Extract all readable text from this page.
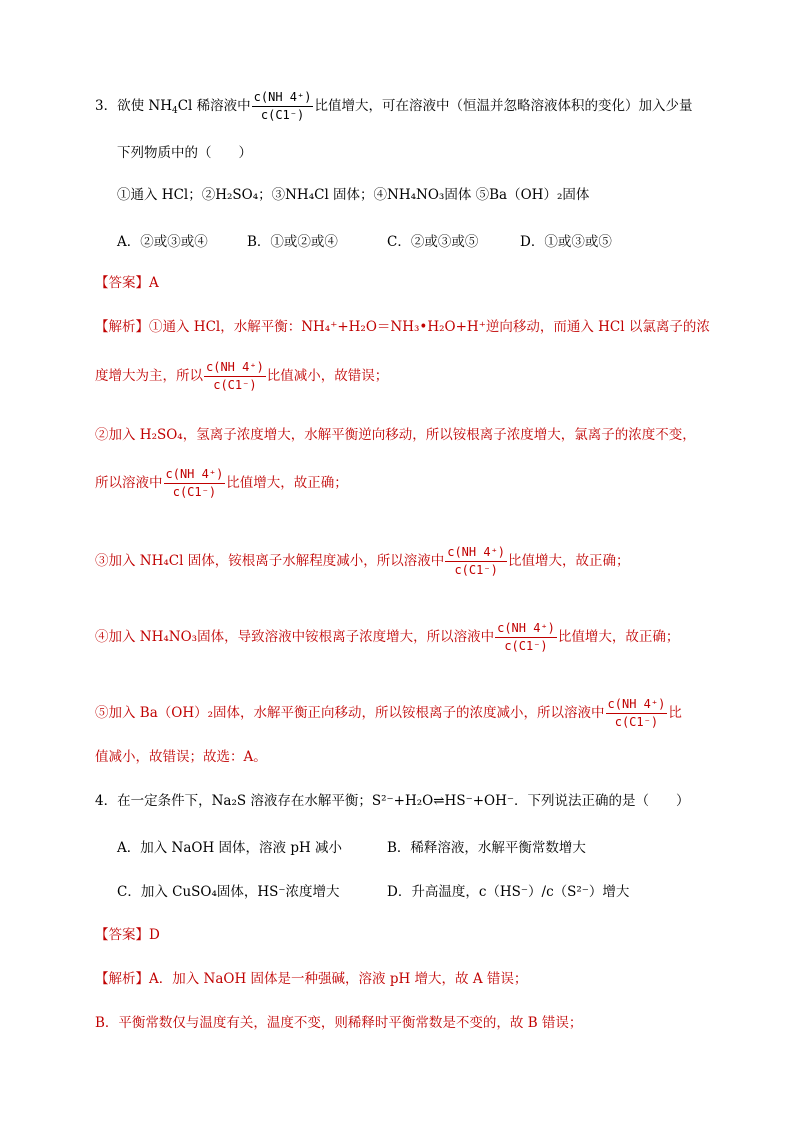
3．欲使 $NH_4Cl$ 稀溶液中 $\frac{c(NH 4^+)}{c(C1^-)}$ 比值增大，可在溶液中（恒温并忽略溶液体积的变化）加入少量
下列物质中的（　　）
①通入 HCl；②H₂SO₄；③NH₄Cl 固体；④NH₄NO₃固体 ⑤Ba（OH）₂固体
A．②或③或④	B．①或②或④	C．②或③或⑤	D．①或③或⑤
【答案】A
【解析】①通入 HCl，水解平衡：NH₄⁺+H₂O＝NH₃•H₂O+H⁺逆向移动，而通入 HCl 以氯离子的浓
度增大为主，所以 $\frac{c(NH 4^+)}{c(C1^-)}$ 比值减小，故错误；
②加入 H₂SO₄，氢离子浓度增大，水解平衡逆向移动，所以铵根离子浓度增大，氯离子的浓度不变，
所以溶液中 $\frac{c(NH 4^+)}{c(C1^-)}$ 比值增大，故正确；
③加入 NH₄Cl 固体，铵根离子水解程度减小，所以溶液中 $\frac{c(NH 4^+)}{c(C1^-)}$ 比值增大，故正确；
④加入 NH₄NO₃固体，导致溶液中铵根离子浓度增大，所以溶液中 $\frac{c(NH 4^+)}{c(C1^-)}$ 比值增大，故正确；
⑤加入 Ba（OH）₂固体，水解平衡正向移动，所以铵根离子的浓度减小，所以溶液中 $\frac{c(NH 4^+)}{c(C1^-)}$ 比
值减小，故错误；故选：A。
4．在一定条件下，Na₂S 溶液存在水解平衡；S²⁻+H₂O⇌HS⁻+OH⁻．下列说法正确的是（　　）
A．加入 NaOH 固体，溶液 pH 减小	B．稀释溶液，水解平衡常数增大
C．加入 CuSO₄固体，HS⁻浓度增大	D．升高温度，c（HS⁻）/c（S²⁻）增大
【答案】D
【解析】A．加入 NaOH 固体是一种强碱，溶液 pH 增大，故 A 错误；
B．平衡常数仅与温度有关，温度不变，则稀释时平衡常数是不变的，故 B 错误；
